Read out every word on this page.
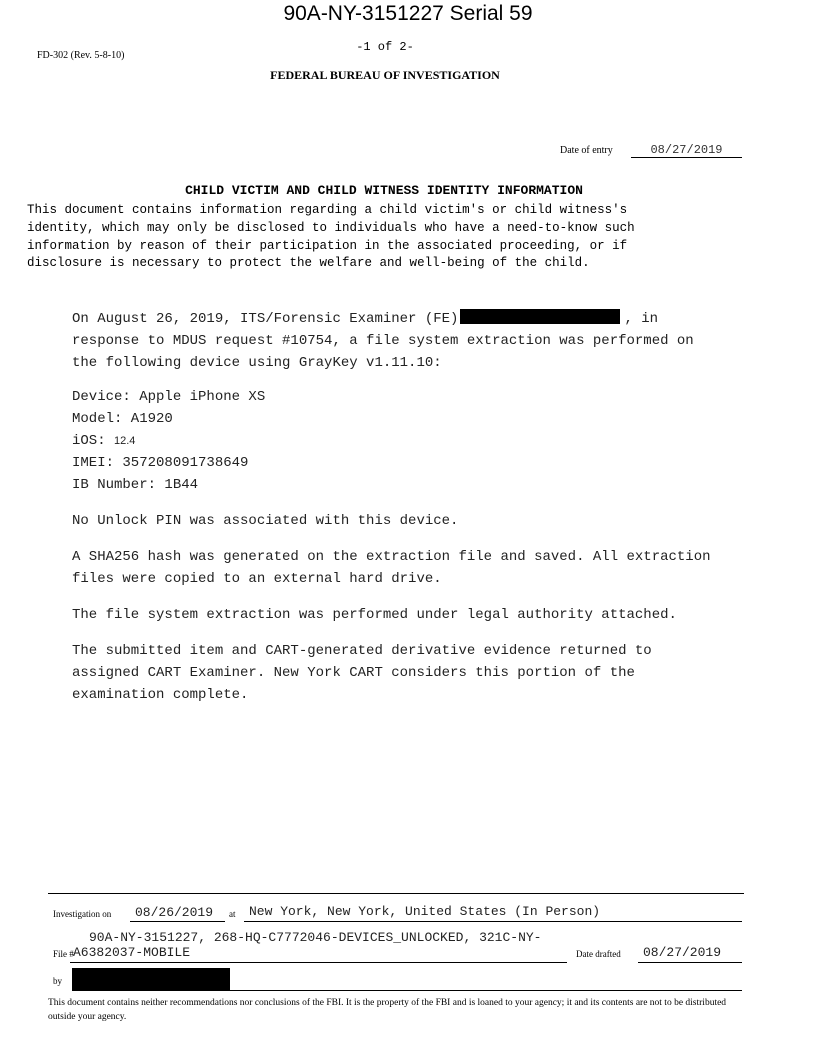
90A-NY-3151227 Serial 59
-1 of 2-
FD-302 (Rev. 5-8-10)
FEDERAL BUREAU OF INVESTIGATION
Date of entry	08/27/2019
CHILD VICTIM AND CHILD WITNESS IDENTITY INFORMATION
This document contains information regarding a child victim's or child witness's
identity, which may only be disclosed to individuals who have a need-to-know such
information by reason of their participation in the associated proceeding, or if
disclosure is necessary to protect the welfare and well-being of the child.
On August 26, 2019, ITS/Forensic Examiner (FE)	, in
response to MDUS request #10754, a file system extraction was performed on
the following device using GrayKey v1.11.10:
Device: Apple iPhone XS
Model: A1920
iOS: 12.4
IMEI: 357208091738649
IB Number: 1B44
No Unlock PIN was associated with this device.
A SHA256 hash was generated on the extraction file and saved. All extraction
files were copied to an external hard drive.
The file system extraction was performed under legal authority attached.
The submitted item and CART-generated derivative evidence returned to
assigned CART Examiner. New York CART considers this portion of the
examination complete.
Investigation on 08/26/2019 at New York, New York, United States (In Person)
90A-NY-3151227, 268-HQ-C7772046-DEVICES_UNLOCKED, 321C-NY-
File # A6382037-MOBILE	Date drafted 08/27/2019
by
This document contains neither recommendations nor conclusions of the FBI. It is the property of the FBI and is loaned to your agency; it and its contents are not to be distributed outside your agency.
